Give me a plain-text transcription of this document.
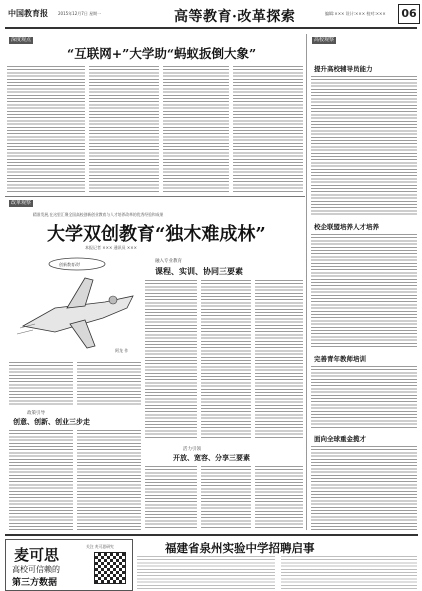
中国教育报	2015年12月7日 星期一	高等教育·改革探索	编辑:××× 设计:××× 校对:×××	06
深度观点
“互联网+”大学助“蚂蚁扳倒大象”
高校观察
提升高校辅导员能力
校企联盟培养人才培养
完善青年教师培训
面向全球重金揽才
改革观察
精准发展,在这里汇聚全国高校创新创业教育与人才培养改革的优秀经验和成果
大学双创教育“独木难成林”
本报记者 ××× 通讯员 ×××
创新教育改!
阿龙 作
融入专业教育
课程、实训、协同三要素
政策引导
创意、创新、创业三步走
活力引领
开放、宽容、分享三要素
麦可思
高校可信赖的
第三方数据
关注 麦可思研究	福建省泉州实验中学招聘启事
